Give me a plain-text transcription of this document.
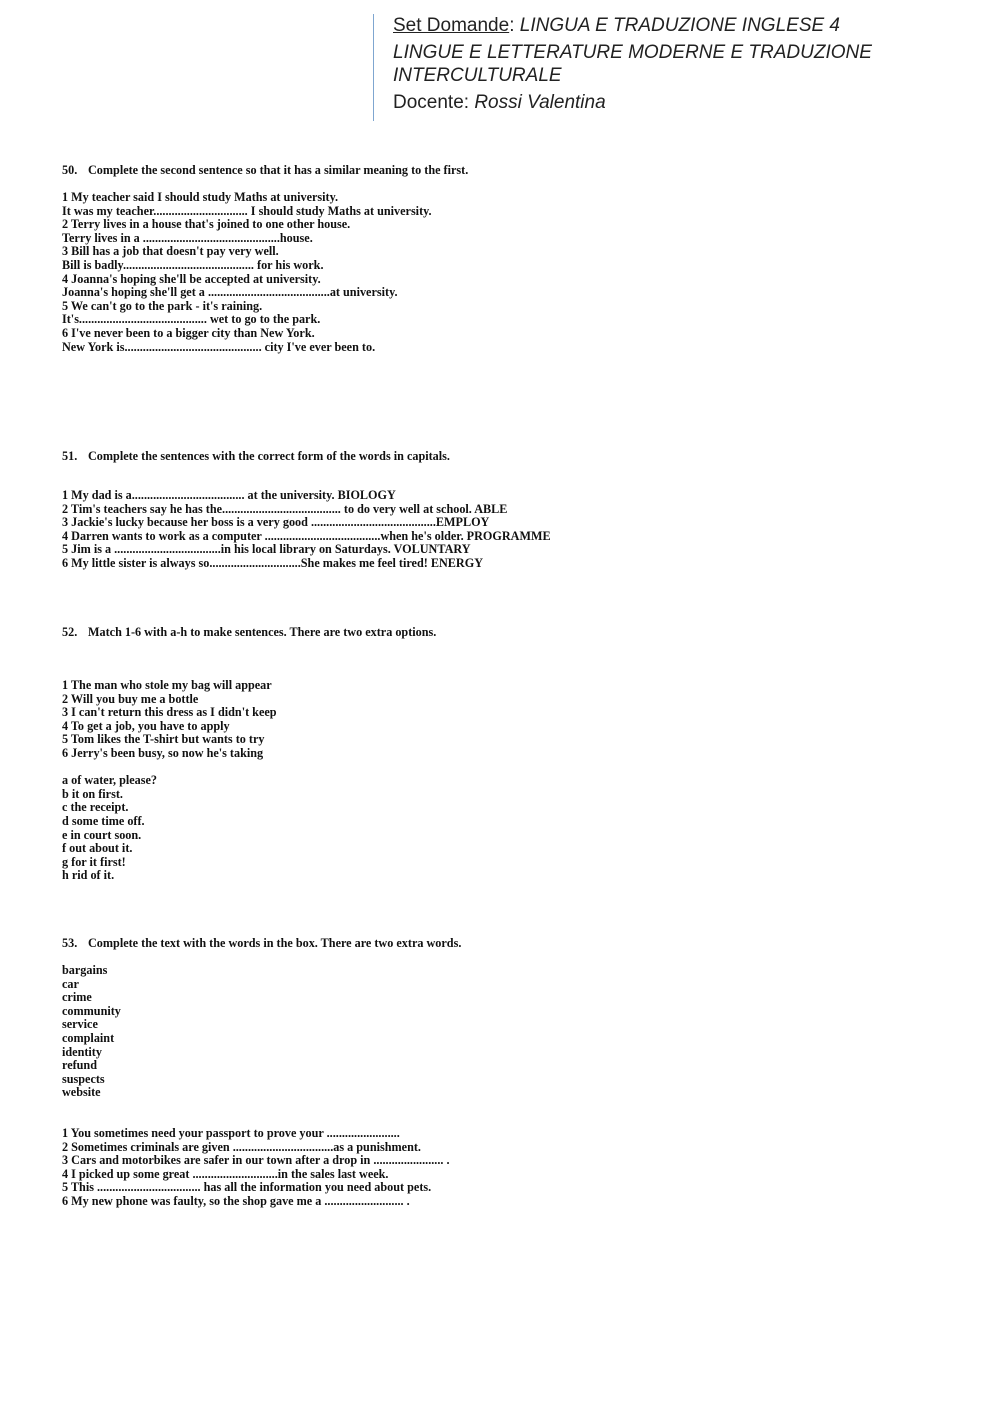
Set Domande: LINGUA E TRADUZIONE INGLESE 4
LINGUE E LETTERATURE MODERNE E TRADUZIONE
INTERCULTURALE
Docente: Rossi Valentina
50. Complete the second sentence so that it has a similar meaning to the first.
1 My teacher said I should study Maths at university.
It was my teacher............................... I should study Maths at university.
2 Terry lives in a house that's joined to one other house.
Terry lives in a .............................................house.
3 Bill has a job that doesn't pay very well.
Bill is badly........................................... for his work.
4 Joanna's hoping she'll be accepted at university.
Joanna's hoping she'll get a ........................................at university.
5 We can't go to the park - it's raining.
It's.......................................... wet to go to the park.
6 I've never been to a bigger city than New York.
New York is............................................. city I've ever been to.
51. Complete the sentences with the correct form of the words in capitals.
1 My dad is a..................................... at the university. BIOLOGY
2 Tim's teachers say he has the....................................... to do very well at school. ABLE
3 Jackie's lucky because her boss is a very good .........................................EMPLOY
4 Darren wants to work as a computer ......................................when he's older. PROGRAMME
5 Jim is a ...................................in his local library on Saturdays. VOLUNTARY
6 My little sister is always so..............................She makes me feel tired! ENERGY
52. Match 1-6 with a-h to make sentences. There are two extra options.
1 The man who stole my bag will appear
2 Will you buy me a bottle
3 I can't return this dress as I didn't keep
4 To get a job, you have to apply
5 Tom likes the T-shirt but wants to try
6 Jerry's been busy, so now he's taking
a of water, please?
b it on first.
c the receipt.
d some time off.
e in court soon.
f out about it.
g for it first!
h rid of it.
53. Complete the text with the words in the box. There are two extra words.
bargains
car
crime
community
service
complaint
identity
refund
suspects
website
1 You sometimes need your passport to prove your ........................
2 Sometimes criminals are given .................................as a punishment.
3 Cars and motorbikes are safer in our town after a drop in ....................... .
4 I picked up some great ............................in the sales last week.
5 This .................................. has all the information you need about pets.
6 My new phone was faulty, so the shop gave me a .......................... .
